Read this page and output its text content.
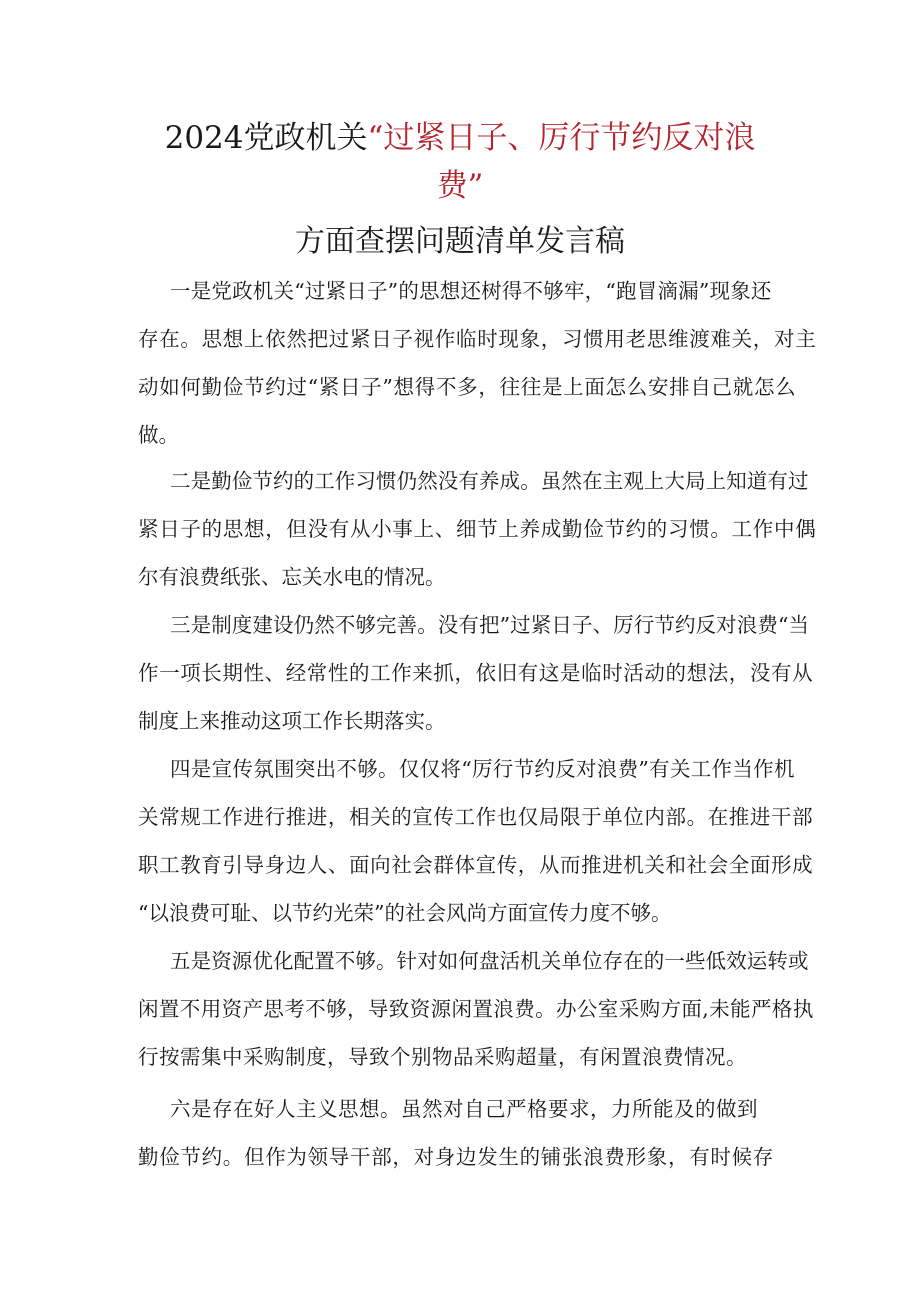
2024党政机关“过紧日子、厉行节约反对浪
费”
方面查摆问题清单发言稿
一是党政机关“过紧日子”的思想还树得不够牢，“跑冒滴漏”现象还
存在。思想上依然把过紧日子视作临时现象，习惯用老思维渡难关，对主
动如何勤俭节约过“紧日子”想得不多，往往是上面怎么安排自己就怎么
做。
二是勤俭节约的工作习惯仍然没有养成。虽然在主观上大局上知道有过
紧日子的思想，但没有从小事上、细节上养成勤俭节约的习惯。工作中偶
尔有浪费纸张、忘关水电的情况。
三是制度建设仍然不够完善。没有把”过紧日子、厉行节约反对浪费“当
作一项长期性、经常性的工作来抓，依旧有这是临时活动的想法，没有从
制度上来推动这项工作长期落实。
四是宣传氛围突出不够。仅仅将“厉行节约反对浪费”有关工作当作机
关常规工作进行推进，相关的宣传工作也仅局限于单位内部。在推进干部
职工教育引导身边人、面向社会群体宣传，从而推进机关和社会全面形成
“以浪费可耻、以节约光荣”的社会风尚方面宣传力度不够。
五是资源优化配置不够。针对如何盘活机关单位存在的一些低效运转或
闲置不用资产思考不够，导致资源闲置浪费。办公室采购方面,未能严格执
行按需集中采购制度，导致个别物品采购超量，有闲置浪费情况。
六是存在好人主义思想。虽然对自己严格要求，力所能及的做到
勤俭节约。但作为领导干部，对身边发生的铺张浪费形象，有时候存
